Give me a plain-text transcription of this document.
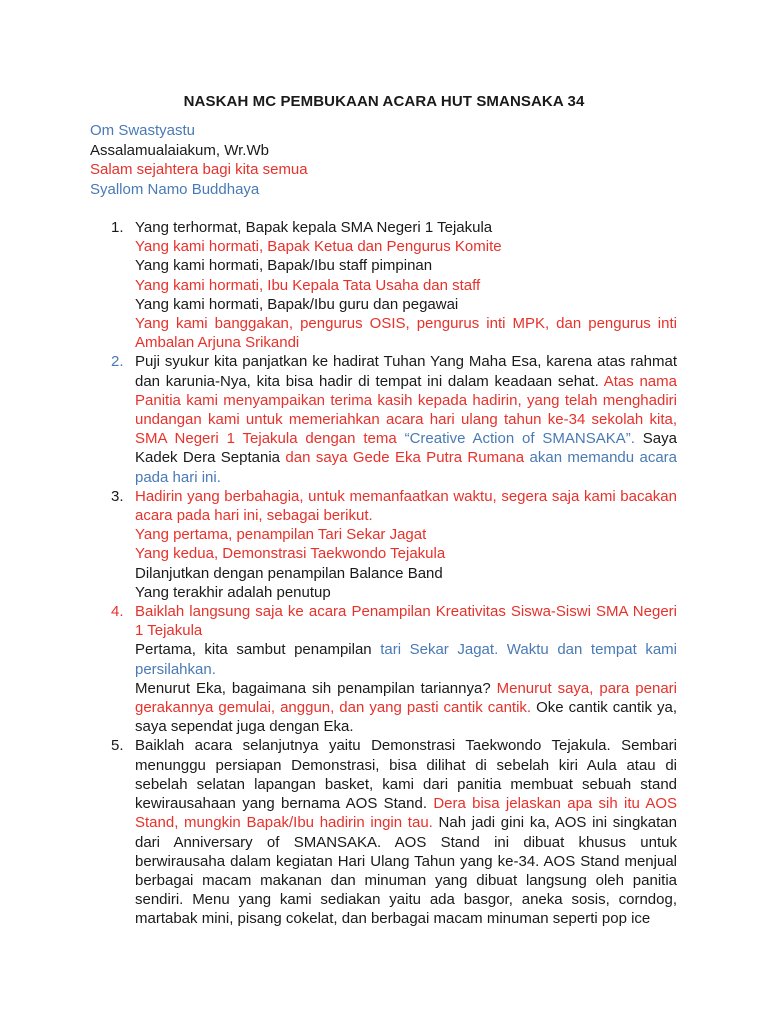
NASKAH MC PEMBUKAAN ACARA HUT SMANSAKA 34
Om Swastyastu
Assalamualaiakum, Wr.Wb
Salam sejahtera bagi kita semua
Syallom Namo Buddhaya
1. Yang terhormat, Bapak kepala SMA Negeri 1 Tejakula
Yang kami hormati, Bapak Ketua dan Pengurus Komite
Yang kami hormati, Bapak/Ibu staff pimpinan
Yang kami hormati, Ibu Kepala Tata Usaha dan staff
Yang kami hormati, Bapak/Ibu guru dan pegawai
Yang kami banggakan, pengurus OSIS, pengurus inti MPK, dan pengurus inti Ambalan Arjuna Srikandi
2. Puji syukur kita panjatkan ke hadirat Tuhan Yang Maha Esa, karena atas rahmat dan karunia-Nya, kita bisa hadir di tempat ini dalam keadaan sehat. Atas nama Panitia kami menyampaikan terima kasih kepada hadirin, yang telah menghadiri undangan kami untuk memeriahkan acara hari ulang tahun ke-34 sekolah kita, SMA Negeri 1 Tejakula dengan tema “Creative Action of SMANSAKA”. Saya Kadek Dera Septania dan saya Gede Eka Putra Rumana akan memandu acara pada hari ini.
3. Hadirin yang berbahagia, untuk memanfaatkan waktu, segera saja kami bacakan acara pada hari ini, sebagai berikut.
Yang pertama, penampilan Tari Sekar Jagat
Yang kedua, Demonstrasi Taekwondo Tejakula
Dilanjutkan dengan penampilan Balance Band
Yang terakhir adalah penutup
4. Baiklah langsung saja ke acara Penampilan Kreativitas Siswa-Siswi SMA Negeri 1 Tejakula
Pertama, kita sambut penampilan tari Sekar Jagat. Waktu dan tempat kami persilahkan.
Menurut Eka, bagaimana sih penampilan tariannya? Menurut saya, para penari gerakannya gemulai, anggun, dan yang pasti cantik cantik. Oke cantik cantik ya, saya sependat juga dengan Eka.
5. Baiklah acara selanjutnya yaitu Demonstrasi Taekwondo Tejakula. Sembari menunggu persiapan Demonstrasi, bisa dilihat di sebelah kiri Aula atau di sebelah selatan lapangan basket, kami dari panitia membuat sebuah stand kewirausahaan yang bernama AOS Stand. Dera bisa jelaskan apa sih itu AOS Stand, mungkin Bapak/Ibu hadirin ingin tau. Nah jadi gini ka, AOS ini singkatan dari Anniversary of SMANSAKA. AOS Stand ini dibuat khusus untuk berwirausaha dalam kegiatan Hari Ulang Tahun yang ke-34. AOS Stand menjual berbagai macam makanan dan minuman yang dibuat langsung oleh panitia sendiri. Menu yang kami sediakan yaitu ada basgor, aneka sosis, corndog, martabak mini, pisang cokelat, dan berbagai macam minuman seperti pop ice
